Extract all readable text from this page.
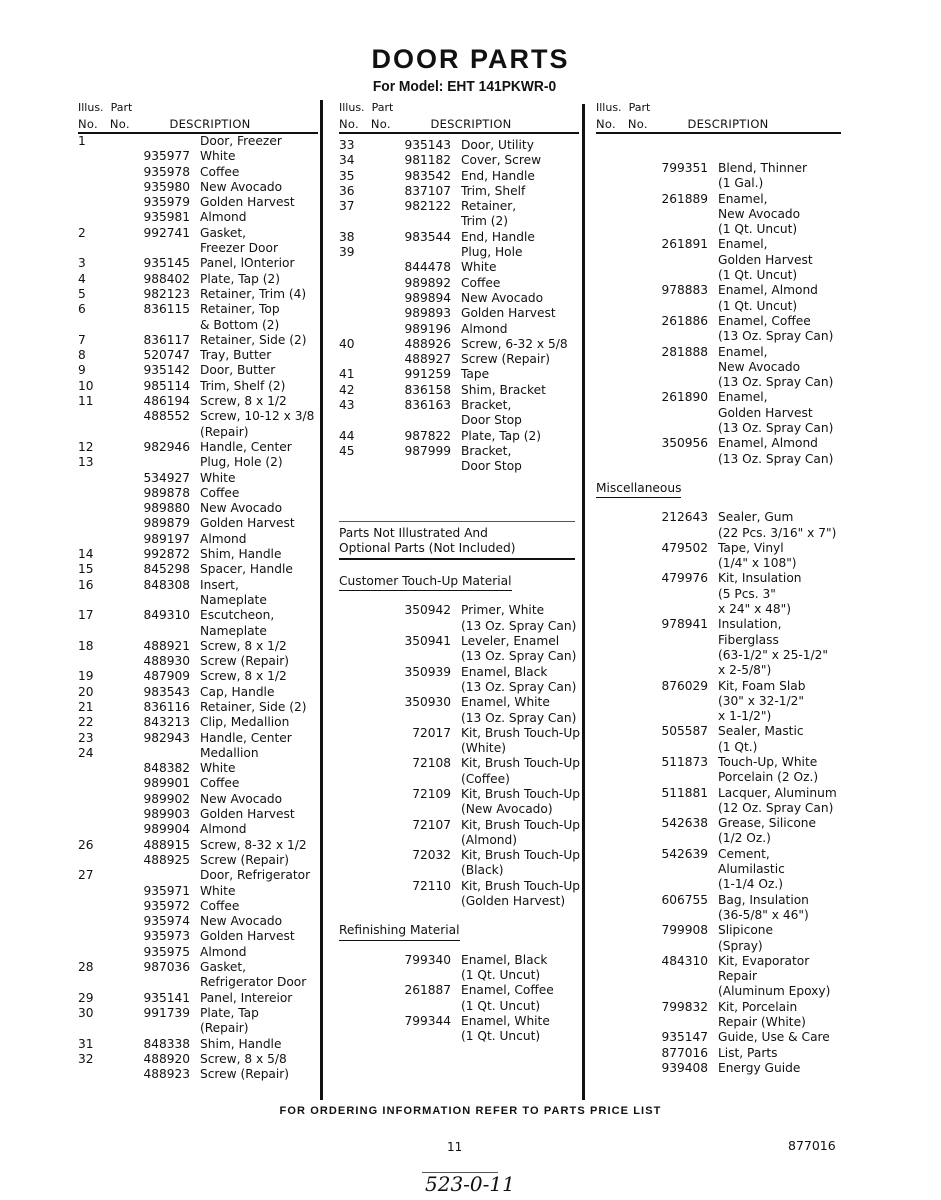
DOOR PARTS
For Model: EHT 141PKWR-0
Illus. Part
No. No.	DESCRIPTION
1	Door, Freezer
935977 White
935978 Coffee
935980 New Avocado
935979 Golden Harvest
935981 Almond
2	992741 Gasket,
Freezer Door
3	935145 Panel, lOnterior
4	988402 Plate, Tap (2)
5	982123 Retainer, Trim (4)
6	836115 Retainer, Top
& Bottom (2)
7	836117 Retainer, Side (2)
8	520747 Tray, Butter
9	935142 Door, Butter
10	985114 Trim, Shelf (2)
11	486194 Screw, 8 x 1/2
488552 Screw, 10-12 x 3/8
(Repair)
12	982946 Handle, Center
13	Plug, Hole (2)
534927 White
989878 Coffee
989880 New Avocado
989879 Golden Harvest
989197 Almond
14	992872 Shim, Handle
15	845298 Spacer, Handle
16	848308 Insert,
Nameplate
17	849310 Escutcheon,
Nameplate
18	488921 Screw, 8 x 1/2
488930 Screw (Repair)
19	487909 Screw, 8 x 1/2
20	983543 Cap, Handle
21	836116 Retainer, Side (2)
22	843213 Clip, Medallion
23	982943 Handle, Center
24	Medallion
848382 White
989901 Coffee
989902 New Avocado
989903 Golden Harvest
989904 Almond
26	488915 Screw, 8-32 x 1/2
488925 Screw (Repair)
27	Door, Refrigerator
935971 White
935972 Coffee
935974 New Avocado
935973 Golden Harvest
935975 Almond
28	987036 Gasket,
Refrigerator Door
29	935141 Panel, Intereior
30	991739 Plate, Tap
(Repair)
31	848338 Shim, Handle
32	488920 Screw, 8 x 5/8
488923 Screw (Repair)
Illus. Part
No. No.	DESCRIPTION
33	935143 Door, Utility
34	981182 Cover, Screw
35	983542 End, Handle
36	837107 Trim, Shelf
37	982122 Retainer,
Trim (2)
38	983544 End, Handle
39	Plug, Hole
844478 White
989892 Coffee
989894 New Avocado
989893 Golden Harvest
989196 Almond
40	488926 Screw, 6-32 x 5/8
488927 Screw (Repair)
41	991259 Tape
42	836158 Shim, Bracket
43	836163 Bracket,
Door Stop
44	987822 Plate, Tap (2)
45	987999 Bracket,
Door Stop
Parts Not Illustrated And
Optional Parts (Not Included)
Customer Touch-Up Material
350942 Primer, White
(13 Oz. Spray Can)
350941 Leveler, Enamel
(13 Oz. Spray Can)
350939 Enamel, Black
(13 Oz. Spray Can)
350930 Enamel, White
(13 Oz. Spray Can)
72017 Kit, Brush Touch-Up
(White)
72108 Kit, Brush Touch-Up
(Coffee)
72109 Kit, Brush Touch-Up
(New Avocado)
72107 Kit, Brush Touch-Up
(Almond)
72032 Kit, Brush Touch-Up
(Black)
72110 Kit, Brush Touch-Up
(Golden Harvest)
Refinishing Material
799340 Enamel, Black
(1 Qt. Uncut)
261887 Enamel, Coffee
(1 Qt. Uncut)
799344 Enamel, White
(1 Qt. Uncut)
Illus. Part
No. No.	DESCRIPTION
799351 Blend, Thinner
(1 Gal.)
261889 Enamel,
New Avocado
(1 Qt. Uncut)
261891 Enamel,
Golden Harvest
(1 Qt. Uncut)
978883 Enamel, Almond
(1 Qt. Uncut)
261886 Enamel, Coffee
(13 Oz. Spray Can)
281888 Enamel,
New Avocado
(13 Oz. Spray Can)
261890 Enamel,
Golden Harvest
(13 Oz. Spray Can)
350956 Enamel, Almond
(13 Oz. Spray Can)
Miscellaneous
212643 Sealer, Gum
(22 Pcs. 3/16" x 7")
479502 Tape, Vinyl
(1/4" x 108")
479976 Kit, Insulation
(5 Pcs. 3"
x 24" x 48")
978941 Insulation,
Fiberglass
(63-1/2" x 25-1/2"
x 2-5/8")
876029 Kit, Foam Slab
(30" x 32-1/2"
x 1-1/2")
505587 Sealer, Mastic
(1 Qt.)
511873 Touch-Up, White
Porcelain (2 Oz.)
511881 Lacquer, Aluminum
(12 Oz. Spray Can)
542638 Grease, Silicone
(1/2 Oz.)
542639 Cement,
Alumilastic
(1-1/4 Oz.)
606755 Bag, Insulation
(36-5/8" x 46")
799908 Slipicone
(Spray)
484310 Kit, Evaporator
Repair
(Aluminum Epoxy)
799832 Kit, Porcelain
Repair (White)
935147 Guide, Use & Care
877016 List, Parts
939408 Energy Guide
FOR ORDERING INFORMATION REFER TO PARTS PRICE LIST
11	877016
523-0-11
